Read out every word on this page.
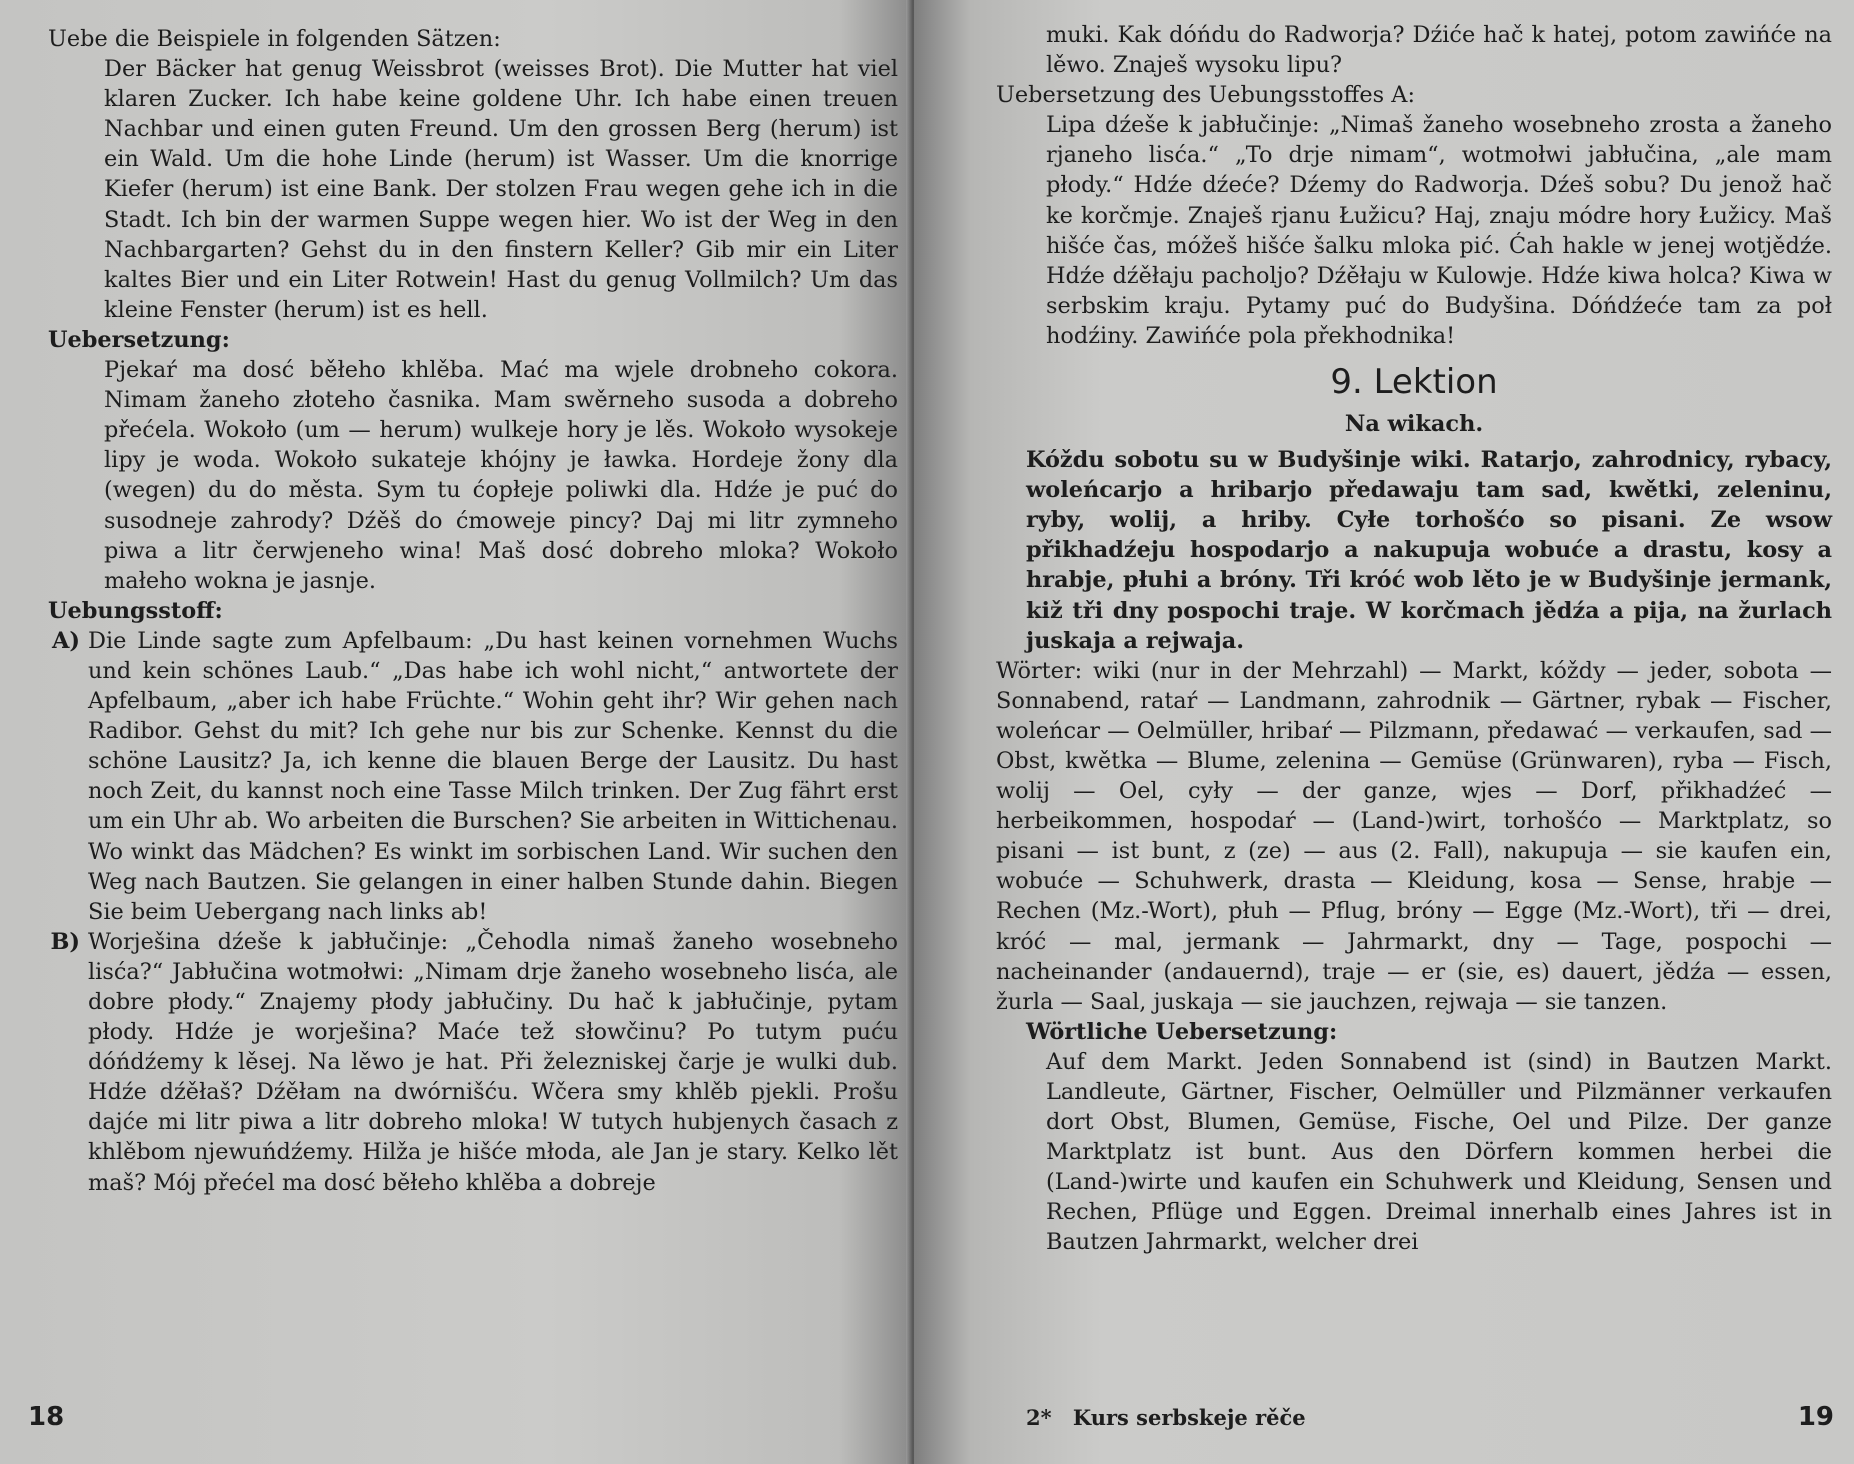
Uebe die Beispiele in folgenden Sätzen:

Der Bäcker hat genug Weissbrot (weisses Brot). Die Mutter hat viel klaren Zucker. Ich habe keine goldene Uhr. Ich habe einen treuen Nachbar und einen guten Freund. Um den grossen Berg (herum) ist ein Wald. Um die hohe Linde (herum) ist Wasser. Um die knorrige Kiefer (herum) ist eine Bank. Der stolzen Frau wegen gehe ich in die Stadt. Ich bin der warmen Suppe wegen hier. Wo ist der Weg in den Nachbargarten? Gehst du in den finstern Keller? Gib mir ein Liter kaltes Bier und ein Liter Rotwein! Hast du genug Vollmilch? Um das kleine Fenster (herum) ist es hell.

Uebersetzung:

Pjekaŕ ma dosć běłeho khlěba. Mać ma wjele drobneho cokora. Nimam žaneho złoteho časnika. Mam swěrneho susoda a dobreho přećela. Wokoło (um — herum) wulkeje hory je lěs. Wokoło wysokeje lipy je woda. Wokoło sukateje khójny je ławka. Hordeje žony dla (wegen) du do města. Sym tu ćopłeje poliwki dla. Hdźe je puć do susodneje zahrody? Dźěš do ćmoweje pincy? Daj mi litr zymneho piwa a litr čerwjeneho wina! Maš dosć dobreho mloka? Wokoło małeho wokna je jasnje.

Uebungsstoff:

A) Die Linde sagte zum Apfelbaum: „Du hast keinen vornehmen Wuchs und kein schönes Laub.“ „Das habe ich wohl nicht,“ antwortete der Apfelbaum, „aber ich habe Früchte.“ Wohin geht ihr? Wir gehen nach Radibor. Gehst du mit? Ich gehe nur bis zur Schenke. Kennst du die schöne Lausitz? Ja, ich kenne die blauen Berge der Lausitz. Du hast noch Zeit, du kannst noch eine Tasse Milch trinken. Der Zug fährt erst um ein Uhr ab. Wo arbeiten die Burschen? Sie arbeiten in Wittichenau. Wo winkt das Mädchen? Es winkt im sorbischen Land. Wir suchen den Weg nach Bautzen. Sie gelangen in einer halben Stunde dahin. Biegen Sie beim Uebergang nach links ab!

B) Worješina dźeše k jabłučinje: „Čehodla nimaš žaneho wosebneho lisća?“ Jabłučina wotmołwi: „Nimam drje žaneho wosebneho lisća, ale dobre płody.“ Znajemy płody jabłučiny. Du hač k jabłučinje, pytam płody. Hdźe je worješina? Maće tež słowčinu? Po tutym puću dóńdźemy k lěsej. Na lěwo je hat. Při železniskej čarje je wulki dub. Hdźe dźěłaš? Dźěłam na dwórnišću. Wčera smy khlěb pjekli. Prošu dajće mi litr piwa a litr dobreho mloka! W tutych hubjenych časach z khlěbom njewuńdźemy. Hilža je hišće młoda, ale Jan je stary. Kelko lět maš? Mój přećel ma dosć běłeho khlěba a dobreje

18

muki. Kak dóńdu do Radworja? Dźiće hač k hatej, potom zawińće na lěwo. Znaješ wysoku lipu?

Uebersetzung des Uebungsstoffes A:

Lipa dźeše k jabłučinje: „Nimaš žaneho wosebneho zrosta a žaneho rjaneho lisća.“ „To drje nimam“, wotmołwi jabłučina, „ale mam płody.“ Hdźe dźeće? Dźemy do Radworja. Dźeš sobu? Du jenož hač ke korčmje. Znaješ rjanu Łužicu? Haj, znaju módre hory Łužicy. Maš hišće čas, móžeš hišće šalku mloka pić. Ćah hakle w jenej wotjědźe. Hdźe dźěłaju pacholjo? Dźěłaju w Kulowje. Hdźe kiwa holca? Kiwa w serbskim kraju. Pytamy puć do Budyšina. Dóńdźeće tam za poł hodźiny. Zawińće pola překhodnika!

9. Lektion

Na wikach.

Kóždu sobotu su w Budyšinje wiki. Ratarjo, zahrodnicy, rybacy, woleńcarjo a hribarjo předawaju tam sad, kwětki, zeleninu, ryby, wolij, a hriby. Cyłe torhošćo so pisani. Ze wsow přikhadźeju hospodarjo a nakupuja wobuće a drastu, kosy a hrabje, płuhi a bróny. Tři króć wob lěto je w Budyšinje jermank, kiž tři dny pospochi traje. W korčmach jědźa a pija, na žurlach juskaja a rejwaja.

Wörter: wiki (nur in der Mehrzahl) — Markt, kóždy — jeder, sobota — Sonnabend, rataŕ — Landmann, zahrodnik — Gärtner, rybak — Fischer, woleńcar — Oelmüller, hribaŕ — Pilzmann, předawać — verkaufen, sad — Obst, kwětka — Blume, zelenina — Gemüse (Grünwaren), ryba — Fisch, wolij — Oel, cyły — der ganze, wjes — Dorf, přikhadźeć — herbeikommen, hospodaŕ — (Land-)wirt, torhošćo — Marktplatz, so pisani — ist bunt, z (ze) — aus (2. Fall), nakupuja — sie kaufen ein, wobuće — Schuhwerk, drasta — Kleidung, kosa — Sense, hrabje — Rechen (Mz.-Wort), płuh — Pflug, bróny — Egge (Mz.-Wort), tři — drei, króć — mal, jermank — Jahrmarkt, dny — Tage, pospochi — nacheinander (andauernd), traje — er (sie, es) dauert, jědźa — essen, žurla — Saal, juskaja — sie jauchzen, rejwaja — sie tanzen.

Wörtliche Uebersetzung:

Auf dem Markt. Jeden Sonnabend ist (sind) in Bautzen Markt. Landleute, Gärtner, Fischer, Oelmüller und Pilzmänner verkaufen dort Obst, Blumen, Gemüse, Fische, Oel und Pilze. Der ganze Marktplatz ist bunt. Aus den Dörfern kommen herbei die (Land-)wirte und kaufen ein Schuhwerk und Kleidung, Sensen und Rechen, Pflüge und Eggen. Dreimal innerhalb eines Jahres ist in Bautzen Jahrmarkt, welcher drei

2* Kurs serbskeje rěče	19
